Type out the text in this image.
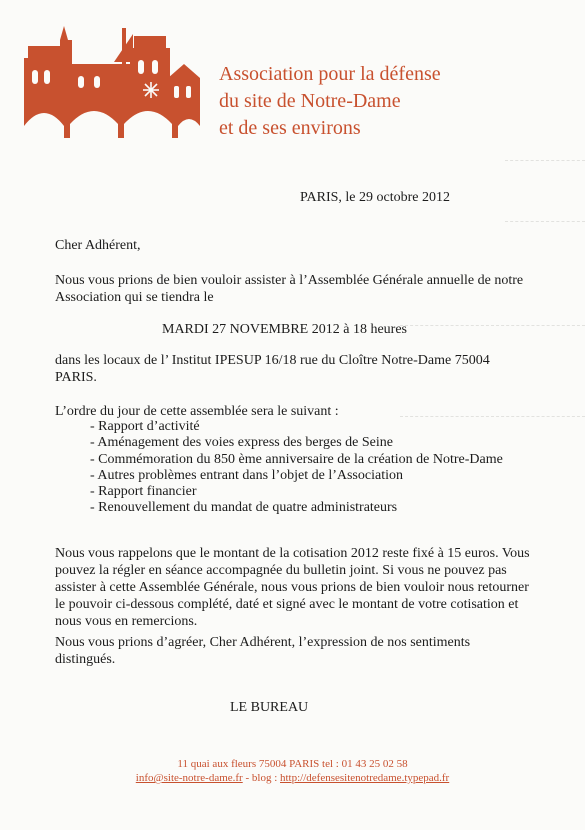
Association pour la défense
du site de Notre-Dame
et de ses environs
PARIS, le 29 octobre 2012
Cher Adhérent,
Nous vous prions de bien vouloir assister à l’Assemblée Générale annuelle de notre Association qui se tiendra le
MARDI 27 NOVEMBRE 2012 à 18 heures
dans les locaux de l’ Institut IPESUP 16/18 rue du Cloître Notre-Dame 75004 PARIS.
L’ordre du jour de cette assemblée sera le suivant :
- Rapport d’activité
- Aménagement des voies express des berges de Seine
- Commémoration du 850 ème anniversaire de la création de Notre-Dame
- Autres problèmes entrant dans l’objet de l’Association
- Rapport financier
- Renouvellement du mandat de quatre administrateurs
Nous vous rappelons que le montant de la cotisation 2012 reste fixé à 15 euros. Vous pouvez la régler en séance accompagnée du bulletin joint. Si vous ne pouvez pas assister à cette Assemblée Générale, nous vous prions de bien vouloir nous retourner le pouvoir ci-dessous complété, daté et signé avec le montant de votre cotisation et nous vous en remercions.
Nous vous prions d’agréer, Cher Adhérent, l’expression de nos sentiments distingués.
LE BUREAU
11 quai aux fleurs 75004 PARIS tel : 01 43 25 02 58
info@site-notre-dame.fr - blog : http://defensesitenotredame.typepad.fr
